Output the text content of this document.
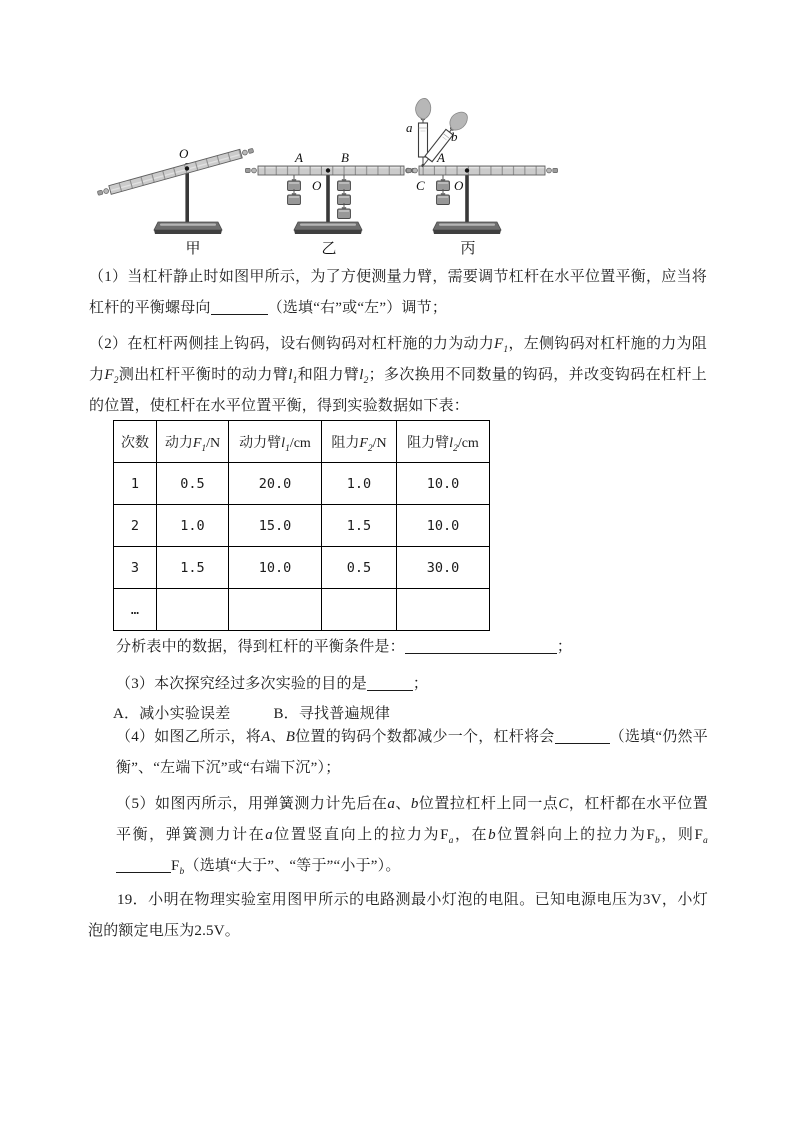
O
甲
A	B
O
乙
a
b
C
A
O
丙
（1）当杠杆静止时如图甲所示，为了方便测量力臂，需要调节杠杆在水平位置平衡，应当将杠杆的平衡螺母向	（选填“右”或“左”）调节；
（2）在杠杆两侧挂上钩码，设右侧钩码对杠杆施的力为动力$F_1$，左侧钩码对杠杆施的力为阻力$F_2$测出杠杆平衡时的动力臂$l_1$和阻力臂$l_2$；多次换用不同数量的钩码，并改变钩码在杠杆上的位置，使杠杆在水平位置平衡，得到实验数据如下表：
次数	动力$F_1/N$	动力臂$l_1/cm$	阻力$F_2/N$	阻力臂$l_2/cm$
1	0.5	20.0	1.0	10.0
2	1.0	15.0	1.5	10.0
3	1.5	10.0	0.5	30.0
…				
分析表中的数据，得到杠杆的平衡条件是：	；
（3）本次探究经过多次实验的目的是	；
A．减小实验误差	B．寻找普遍规律
（4）如图乙所示，将A、B位置的钩码个数都减少一个，杠杆将会	（选填“仍然平衡”、“左端下沉”或“右端下沉”）；
（5）如图丙所示，用弹簧测力计先后在a、b位置拉杠杆上同一点C，杠杆都在水平位置平衡，弹簧测力计在a位置竖直向上的拉力为$F_a$，在b位置斜向上的拉力为$F_b$，则$F_aF_b$（选填“大于”、“等于”“小于”）。
19．小明在物理实验室用图甲所示的电路测最小灯泡的电阻。已知电源电压为3V，小灯泡的额定电压为2.5V。
